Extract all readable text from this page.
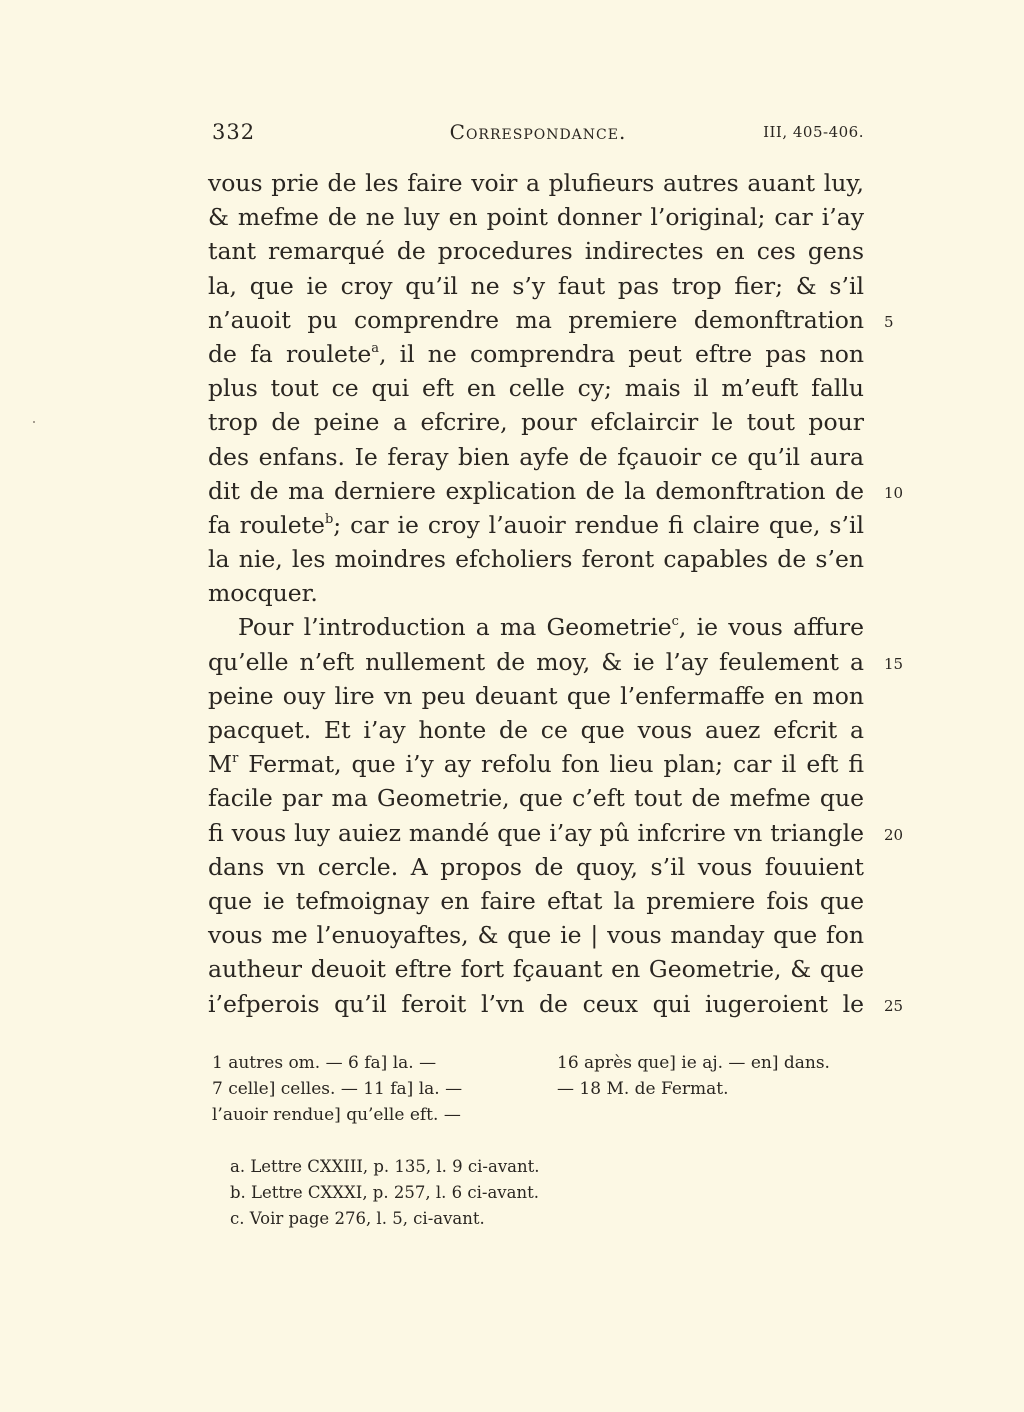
332	Correspondance.	III, 405-406.
vous prie de les faire voir a plufieurs autres auant luy,
& mefme de ne luy en point donner l’original; car i’ay
tant remarqué de procedures indirectes en ces gens
la, que ie croy qu’il ne s’y faut pas trop fier; & s’il
n’auoit pu comprendre ma premiere demonftration 5
de fa roulete$^a$, il ne comprendra peut eftre pas non
plus tout ce qui eft en celle cy; mais il m’euft fallu
trop de peine a efcrire, pour efclaircir le tout pour
des enfans. Ie feray bien ayfe de fçauoir ce qu’il aura
dit de ma derniere explication de la demonftration de 10
fa roulete$^b$; car ie croy l’auoir rendue fi claire que, s’il
la nie, les moindres efcholiers feront capables de s’en
mocquer.
Pour l’introduction a ma Geometrie$^c$, ie vous affure
qu’elle n’eft nullement de moy, & ie l’ay feulement a 15
peine ouy lire vn peu deuant que l’enfermaffe en mon
pacquet. Et i’ay honte de ce que vous auez efcrit a
$M^r$ Fermat, que i’y ay refolu fon lieu plan; car il eft fi
facile par ma Geometrie, que c’eft tout de mefme que
fi vous luy auiez mandé que i’ay pû infcrire vn triangle 20
dans vn cercle. A propos de quoy, s’il vous fouuient
que ie tefmoignay en faire eftat la premiere fois que
vous me l’enuoyaftes, & que ie | vous manday que fon
autheur deuoit eftre fort fçauant en Geometrie, & que
i’efperois qu’il feroit l’vn de ceux qui iugeroient le 25
1 autres om. — 6 fa] la. —
7 celle] celles. — 11 fa] la. —
l’auoir rendue] qu’elle eft. —
16 après que] ie aj. — en] dans.
— 18 M. de Fermat.
a. Lettre CXXIII, p. 135, l. 9 ci-avant.
b. Lettre CXXXI, p. 257, l. 6 ci-avant.
c. Voir page 276, l. 5, ci-avant.
